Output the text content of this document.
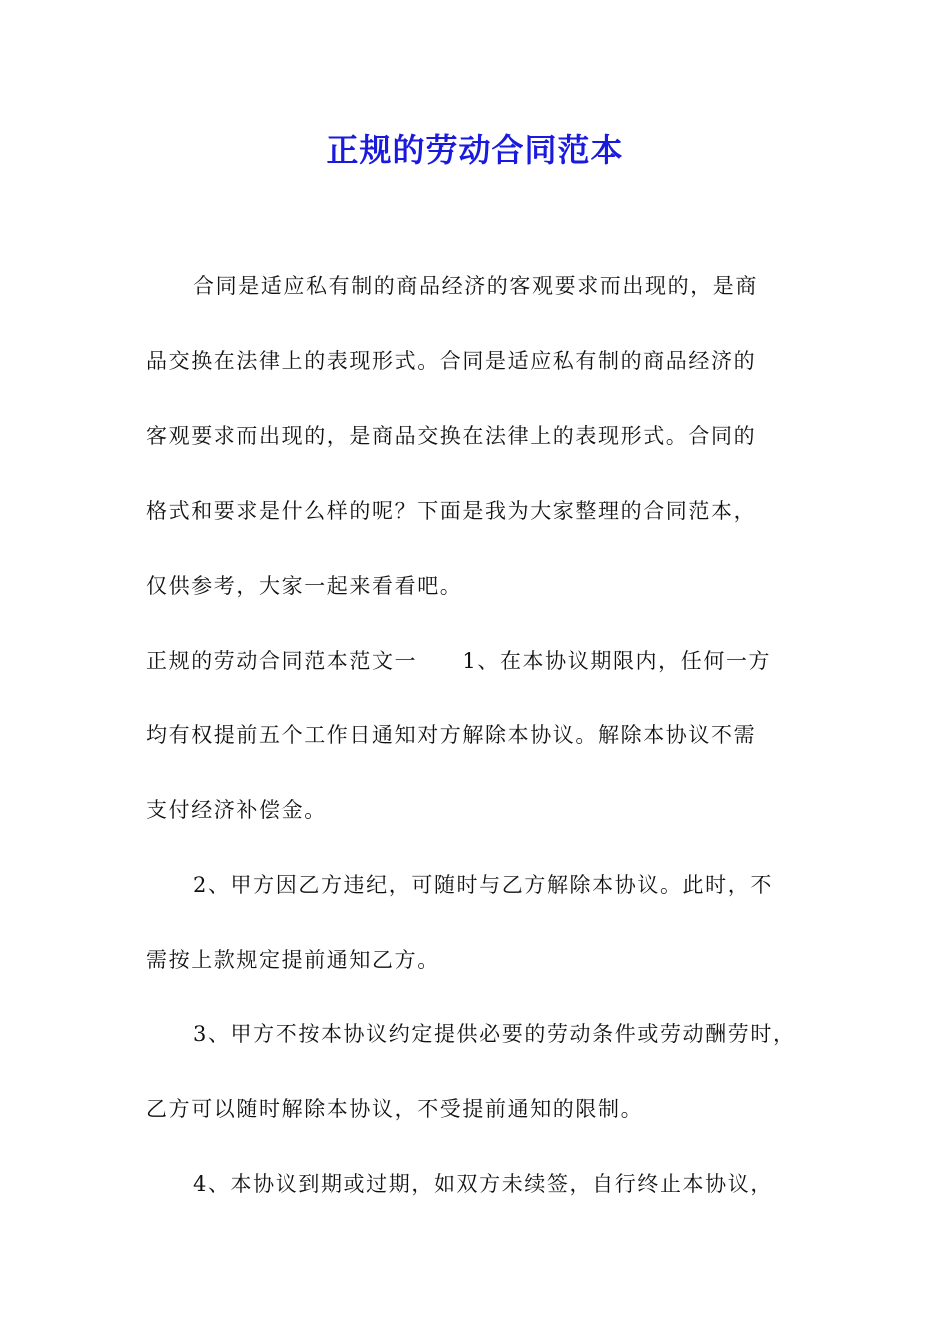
正规的劳动合同范本

合同是适应私有制的商品经济的客观要求而出现的，是商

品交换在法律上的表现形式。合同是适应私有制的商品经济的

客观要求而出现的，是商品交换在法律上的表现形式。合同的

格式和要求是什么样的呢？下面是我为大家整理的合同范本，

仅供参考，大家一起来看看吧。

正规的劳动合同范本范文一　　1、在本协议期限内，任何一方

均有权提前五个工作日通知对方解除本协议。解除本协议不需

支付经济补偿金。

2、甲方因乙方违纪，可随时与乙方解除本协议。此时，不

需按上款规定提前通知乙方。

3、甲方不按本协议约定提供必要的劳动条件或劳动酬劳时，

乙方可以随时解除本协议，不受提前通知的限制。

4、本协议到期或过期，如双方未续签，自行终止本协议，
